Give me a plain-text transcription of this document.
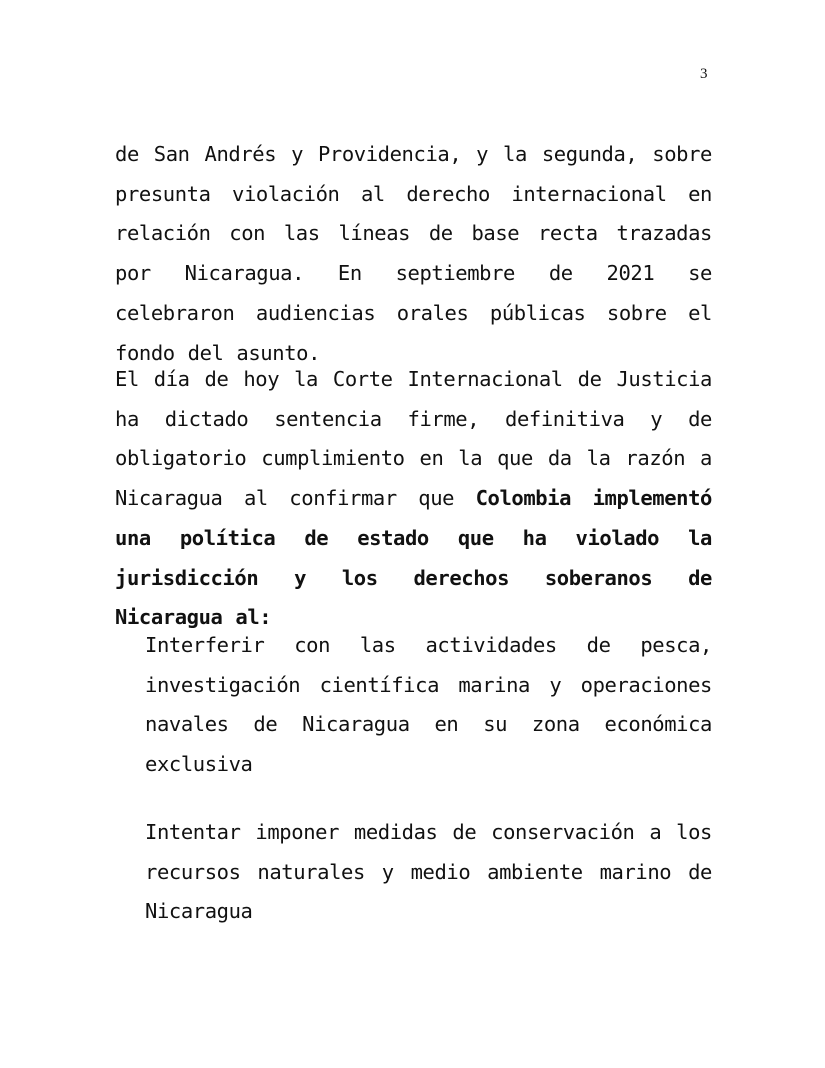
3

de San Andrés y Providencia, y la segunda, sobre presunta violación al derecho internacional en relación con las líneas de base recta trazadas por Nicaragua. En septiembre de 2021 se celebraron audiencias orales públicas sobre el fondo del asunto.

El día de hoy la Corte Internacional de Justicia ha dictado sentencia firme, definitiva y de obligatorio cumplimiento en la que da la razón a Nicaragua al confirmar que Colombia implementó una política de estado que ha violado la jurisdicción y los derechos soberanos de Nicaragua al:

Interferir con las actividades de pesca, investigación científica marina y operaciones navales de Nicaragua en su zona económica exclusiva

Intentar imponer medidas de conservación a los recursos naturales y medio ambiente marino de Nicaragua
